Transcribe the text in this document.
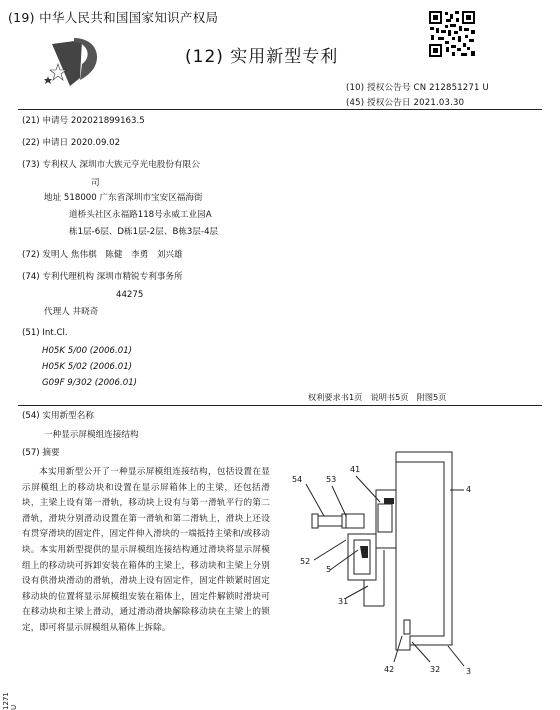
(19) 中华人民共和国国家知识产权局
(12) 实用新型专利
(10) 授权公告号 CN 212851271 U
(45) 授权公告日 2021.03.30
(21) 申请号 202021899163.5
(22) 申请日 2020.09.02
(73) 专利权人 深圳市大族元亨光电股份有限公
司
地址 518000 广东省深圳市宝安区福海街
道桥头社区永福路118号永威工业园A
栋1层-6层、D栋1层-2层、B栋3层-4层
(72) 发明人 焦伟棋　陈健　李勇　刘兴雄
(74) 专利代理机构 深圳市精锐专利事务所
44275
代理人 井晓奇
(51) Int.Cl.
H05K 5/00 (2006.01)
H05K 5/02 (2006.01)
G09F 9/302 (2006.01)
权利要求书1页　说明书5页　附图5页
(54) 实用新型名称
一种显示屏模组连接结构
(57) 摘要
本实用新型公开了一种显示屏模组连接结构，包括设置在显示屏模组上的移动块和设置在显示屏箱体上的主梁，还包括滑块，主梁上设有第一滑轨，移动块上设有与第一滑轨平行的第二滑轨，滑块分别滑动设置在第一滑轨和第二滑轨上，滑块上还设有贯穿滑块的固定件，固定件伸入滑块的一端抵持主梁和/或移动块。本实用新型提供的显示屏模组连接结构通过滑块将显示屏模组上的移动块可拆卸安装在箱体的主梁上，移动块和主梁上分别设有供滑块滑动的滑轨，滑块上设有固定件，固定件锁紧时固定移动块的位置将显示屏模组安装在箱体上，固定件解锁时滑块可在移动块和主梁上滑动，通过滑动滑块解除移动块在主梁上的锁定，即可将显示屏模组从箱体上拆除。
1271 U
53
41
54
52
5
4
31
42	32	3
